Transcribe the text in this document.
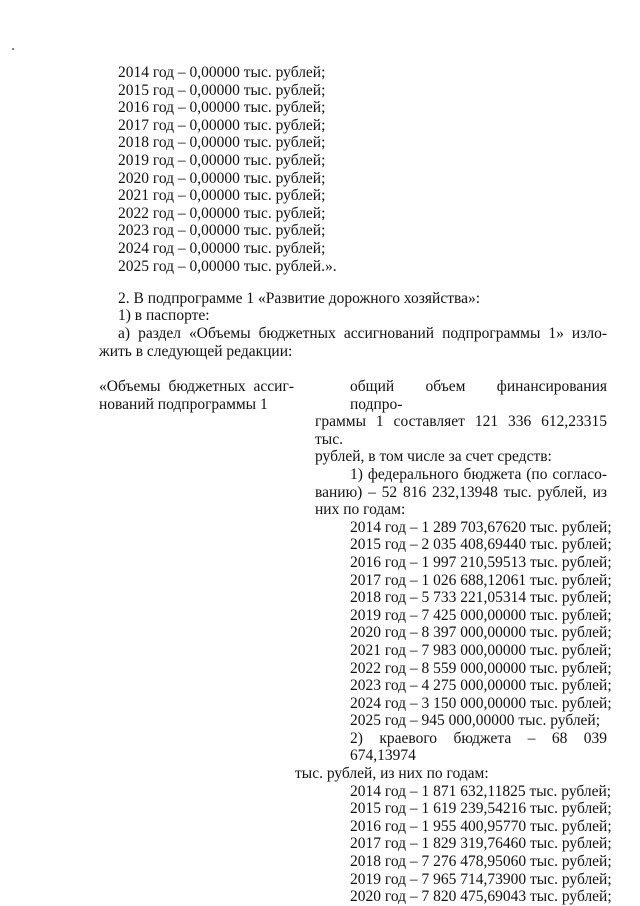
2014 год – 0,00000 тыс. рублей;
2015 год – 0,00000 тыс. рублей;
2016 год – 0,00000 тыс. рублей;
2017 год – 0,00000 тыс. рублей;
2018 год – 0,00000 тыс. рублей;
2019 год – 0,00000 тыс. рублей;
2020 год – 0,00000 тыс. рублей;
2021 год – 0,00000 тыс. рублей;
2022 год – 0,00000 тыс. рублей;
2023 год – 0,00000 тыс. рублей;
2024 год – 0,00000 тыс. рублей;
2025 год – 0,00000 тыс. рублей.».
2. В подпрограмме 1 «Развитие дорожного хозяйства»:
1) в паспорте:
а) раздел «Объемы бюджетных ассигнований подпрограммы 1» изло-
жить в следующей редакции:
«Объемы бюджетных ассиг-
нований подпрограммы 1
общий объем финансирования подпро-
граммы 1 составляет 121 336 612,23315 тыс.
рублей, в том числе за счет средств:
1) федерального бюджета (по согласо-
ванию) – 52 816 232,13948 тыс. рублей, из
них по годам:
2014 год – 1 289 703,67620 тыс. рублей;
2015 год – 2 035 408,69440 тыс. рублей;
2016 год – 1 997 210,59513 тыс. рублей;
2017 год – 1 026 688,12061 тыс. рублей;
2018 год – 5 733 221,05314 тыс. рублей;
2019 год – 7 425 000,00000 тыс. рублей;
2020 год – 8 397 000,00000 тыс. рублей;
2021 год – 7 983 000,00000 тыс. рублей;
2022 год – 8 559 000,00000 тыс. рублей;
2023 год – 4 275 000,00000 тыс. рублей;
2024 год – 3 150 000,00000 тыс. рублей;
2025 год – 945 000,00000 тыс. рублей;
2) краевого бюджета – 68 039 674,13974
тыс. рублей, из них по годам:
2014 год – 1 871 632,11825 тыс. рублей;
2015 год – 1 619 239,54216 тыс. рублей;
2016 год – 1 955 400,95770 тыс. рублей;
2017 год – 1 829 319,76460 тыс. рублей;
2018 год – 7 276 478,95060 тыс. рублей;
2019 год – 7 965 714,73900 тыс. рублей;
2020 год – 7 820 475,69043 тыс. рублей;
